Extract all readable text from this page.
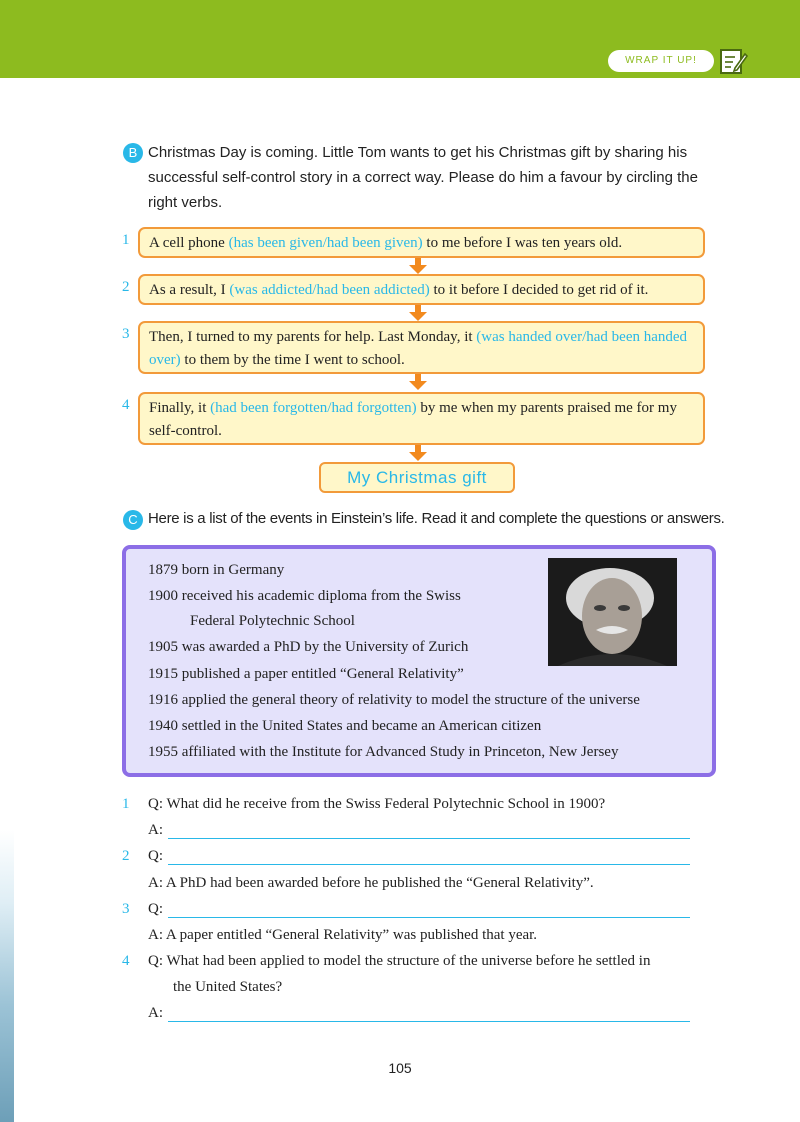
WRAP IT UP!
B Christmas Day is coming. Little Tom wants to get his Christmas gift by sharing his successful self-control story in a correct way. Please do him a favour by circling the right verbs.
1	A cell phone (has been given/had been given) to me before I was ten years old.
2	As a result, I (was addicted/had been addicted) to it before I decided to get rid of it.
3	Then, I turned to my parents for help. Last Monday, it (was handed over/had been handed over) to them by the time I went to school.
4	Finally, it (had been forgotten/had forgotten) by me when my parents praised me for my self-control.
My Christmas gift
C Here is a list of the events in Einstein’s life. Read it and complete the questions or answers.
1879 born in Germany
1900 received his academic diploma from the Swiss
Federal Polytechnic School
1905 was awarded a PhD by the University of Zurich
1915 published a paper entitled “General Relativity”
1916 applied the general theory of relativity to model the structure of the universe
1940 settled in the United States and became an American citizen
1955 affiliated with the Institute for Advanced Study in Princeton, New Jersey
1 Q: What did he receive from the Swiss Federal Polytechnic School in 1900?
A:
2 Q:
A: A PhD had been awarded before he published the “General Relativity”.
3 Q:
A: A paper entitled “General Relativity” was published that year.
4 Q: What had been applied to model the structure of the universe before he settled in
the United States?
A:
105
